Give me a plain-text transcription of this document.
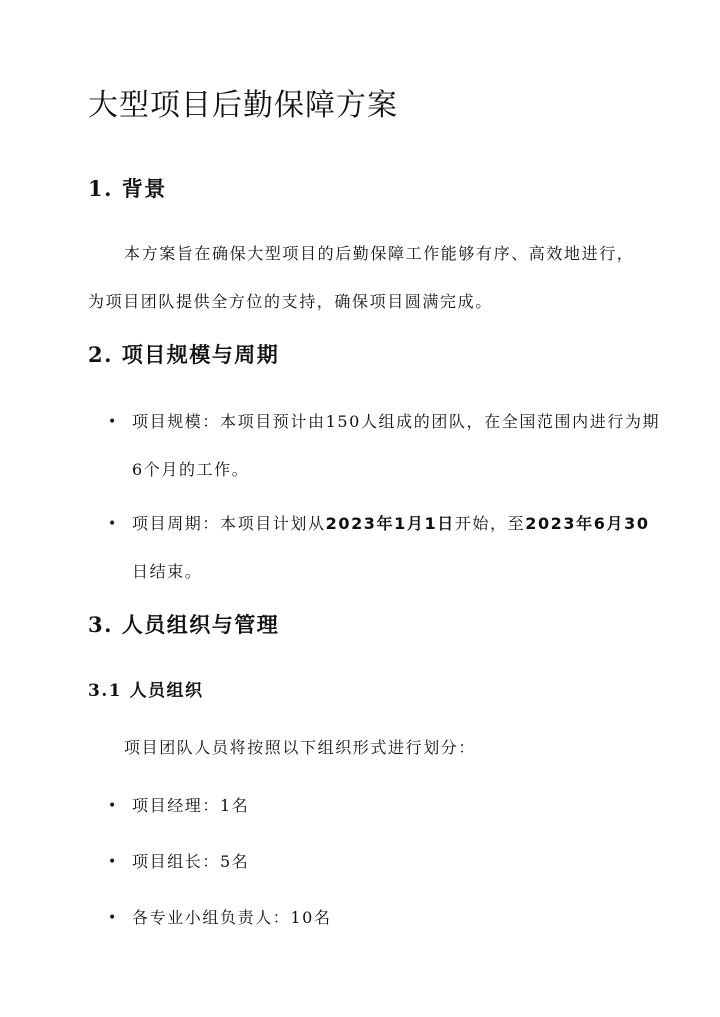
大型项目后勤保障方案
1. 背景

本方案旨在确保大型项目的后勤保障工作能够有序、高效地进行，为项目团队提供全方位的支持，确保项目圆满完成。

2. 项目规模与周期
• 项目规模：本项目预计由150人组成的团队，在全国范围内进行为期6个月的工作。
• 项目周期：本项目计划从2023年1月1日开始，至2023年6月30日结束。
3. 人员组织与管理
3.1 人员组织

项目团队人员将按照以下组织形式进行划分：

• 项目经理：1名
• 项目组长：5名
• 各专业小组负责人：10名
